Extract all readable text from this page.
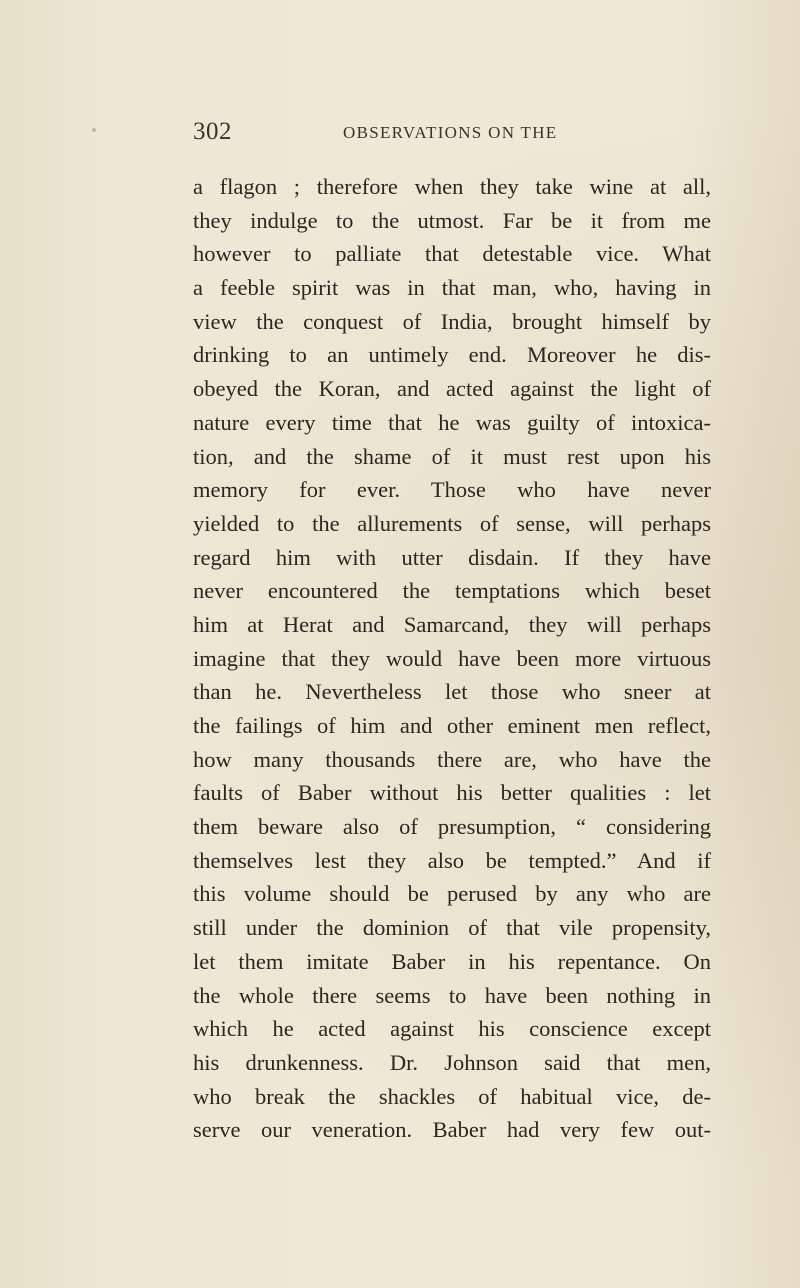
302	OBSERVATIONS ON THE
a flagon ; therefore when they take wine at all,
they indulge to the utmost. Far be it from me
however to palliate that detestable vice. What
a feeble spirit was in that man, who, having in
view the conquest of India, brought himself by
drinking to an untimely end. Moreover he dis-
obeyed the Koran, and acted against the light of
nature every time that he was guilty of intoxica-
tion, and the shame of it must rest upon his
memory for ever. Those who have never
yielded to the allurements of sense, will perhaps
regard him with utter disdain. If they have
never encountered the temptations which beset
him at Herat and Samarcand, they will perhaps
imagine that they would have been more virtuous
than he. Nevertheless let those who sneer at
the failings of him and other eminent men reflect,
how many thousands there are, who have the
faults of Baber without his better qualities : let
them beware also of presumption, “ considering
themselves lest they also be tempted.” And if
this volume should be perused by any who are
still under the dominion of that vile propensity,
let them imitate Baber in his repentance. On
the whole there seems to have been nothing in
which he acted against his conscience except
his drunkenness. Dr. Johnson said that men,
who break the shackles of habitual vice, de-
serve our veneration. Baber had very few out-
